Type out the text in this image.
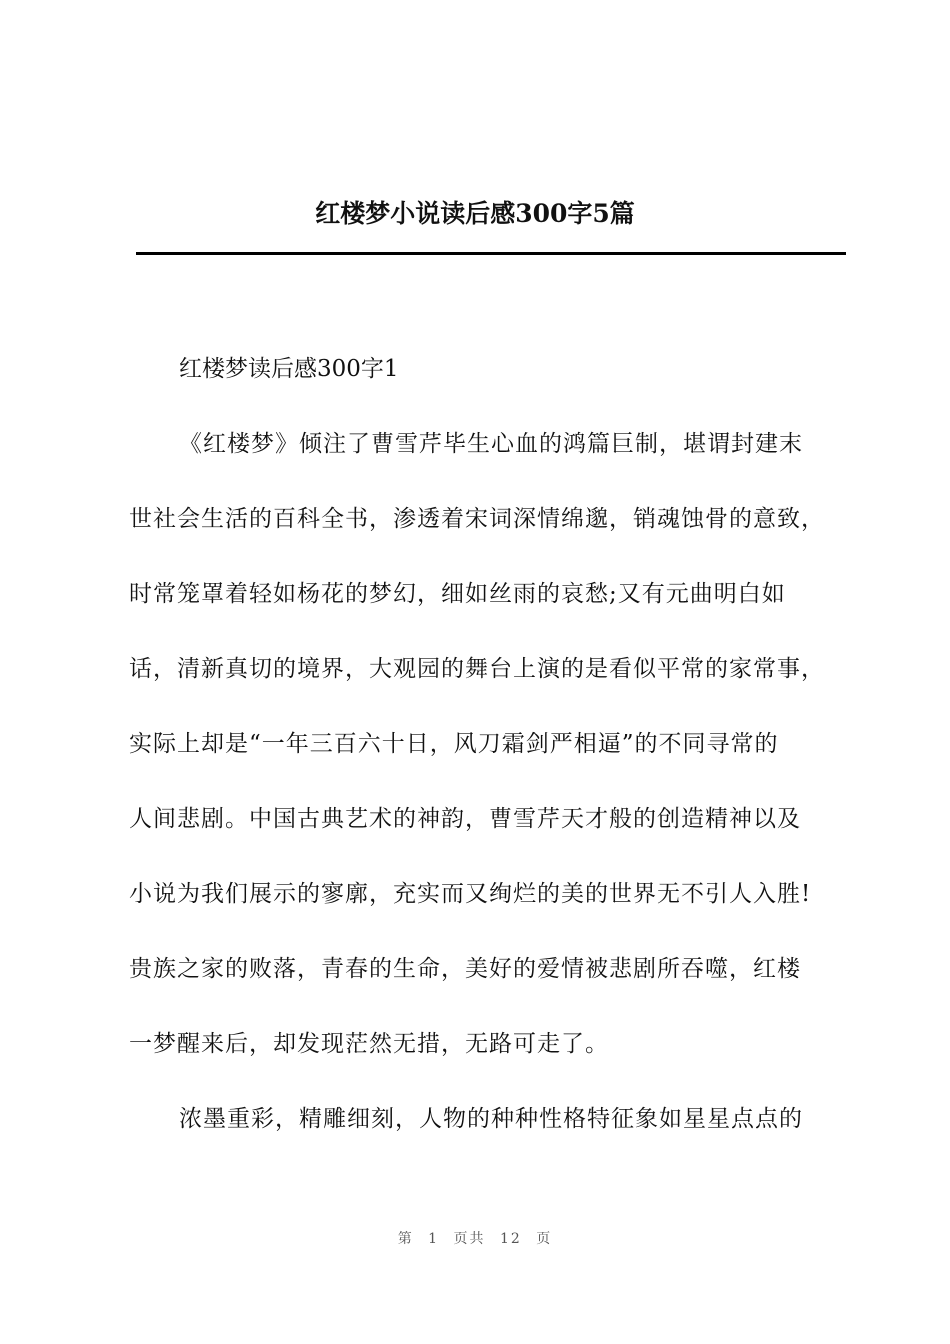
红楼梦小说读后感300字5篇
红楼梦读后感300字1
《红楼梦》倾注了曹雪芹毕生心血的鸿篇巨制，堪谓封建末
世社会生活的百科全书，渗透着宋词深情绵邈，销魂蚀骨的意致，
时常笼罩着轻如杨花的梦幻，细如丝雨的哀愁;又有元曲明白如
话，清新真切的境界，大观园的舞台上演的是看似平常的家常事，
实际上却是“一年三百六十日，风刀霜剑严相逼”的不同寻常的
人间悲剧。中国古典艺术的神韵，曹雪芹天才般的创造精神以及
小说为我们展示的寥廓，充实而又绚烂的美的世界无不引人入胜!
贵族之家的败落，青春的生命，美好的爱情被悲剧所吞噬，红楼
一梦醒来后，却发现茫然无措，无路可走了。
浓墨重彩，精雕细刻，人物的种种性格特征象如星星点点的
第 1 页共 12 页
